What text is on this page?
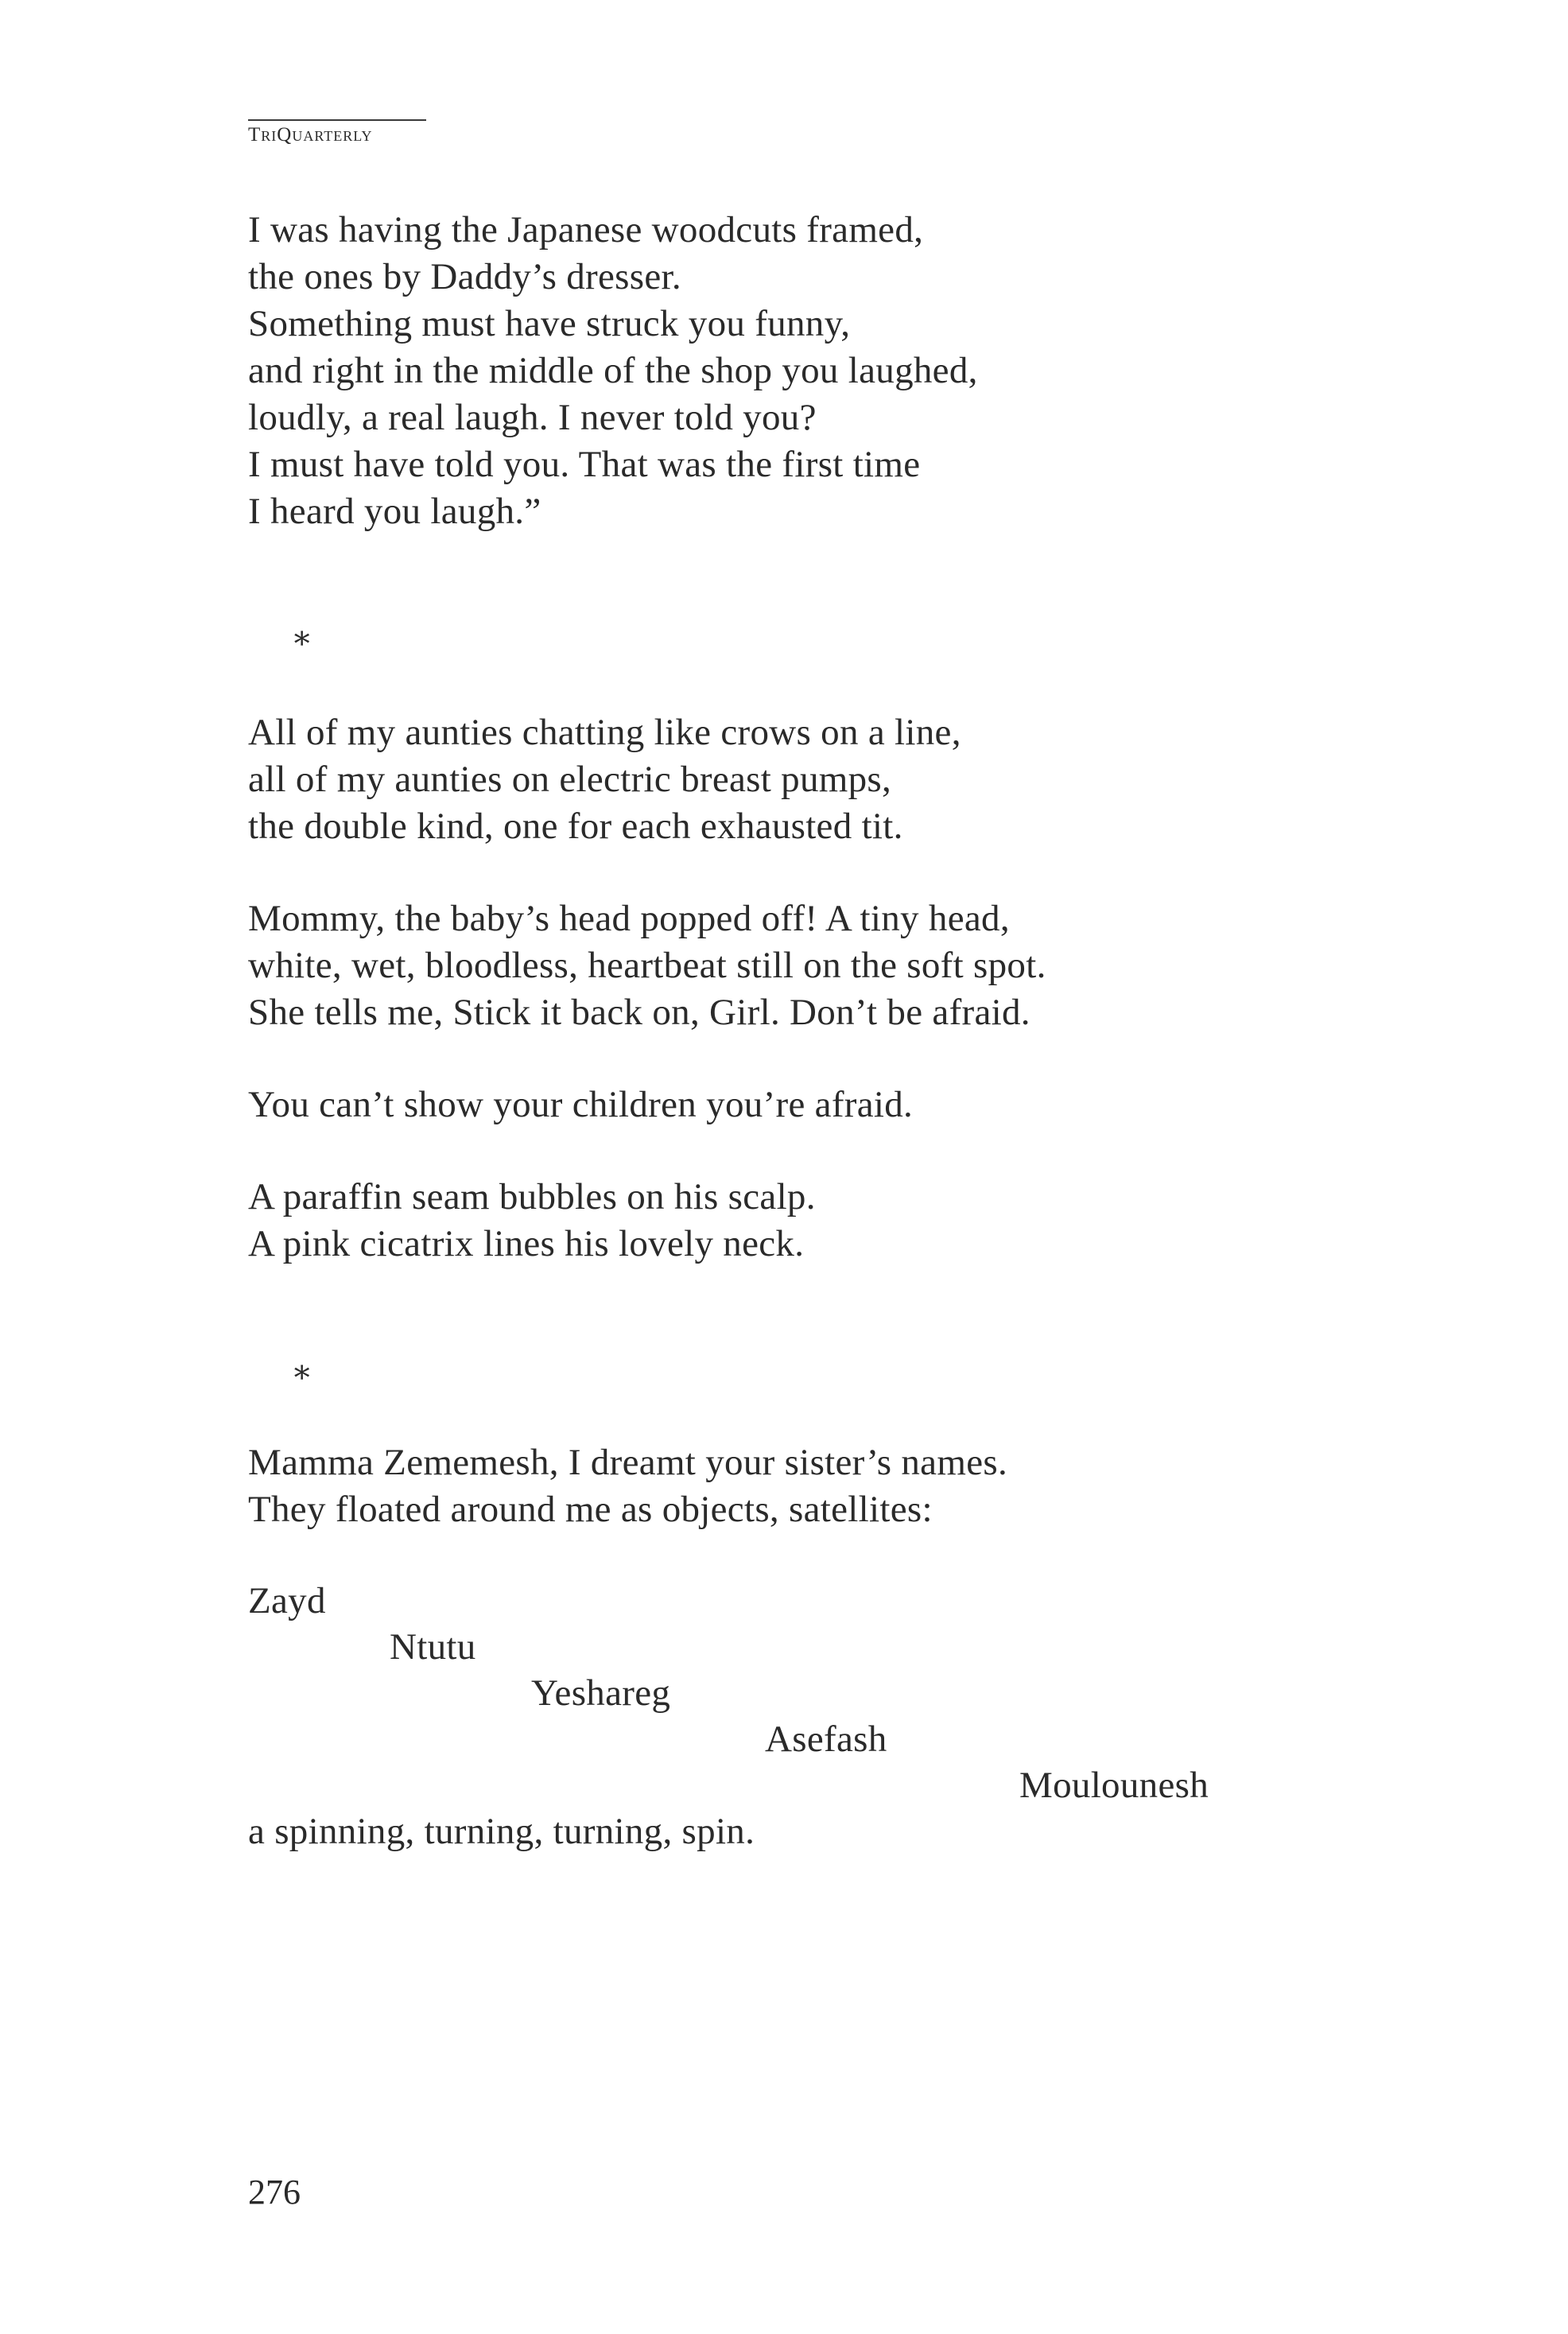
TriQuarterly
I was having the Japanese woodcuts framed,
the ones by Daddy’s dresser.
Something must have struck you funny,
and right in the middle of the shop you laughed,
loudly, a real laugh. I never told you?
I must have told you. That was the first time
I heard you laugh.”
∗
All of my aunties chatting like crows on a line,
all of my aunties on electric breast pumps,
the double kind, one for each exhausted tit.
Mommy, the baby’s head popped off! A tiny head,
white, wet, bloodless, heartbeat still on the soft spot.
She tells me, Stick it back on, Girl. Don’t be afraid.
You can’t show your children you’re afraid.
A paraffin seam bubbles on his scalp.
A pink cicatrix lines his lovely neck.
∗
Mamma Zememesh, I dreamt your sister’s names.
They floated around me as objects, satellites:
Zayd
Ntutu
Yeshareg
Asefash
Moulounesh
a spinning, turning, turning, spin.
276
